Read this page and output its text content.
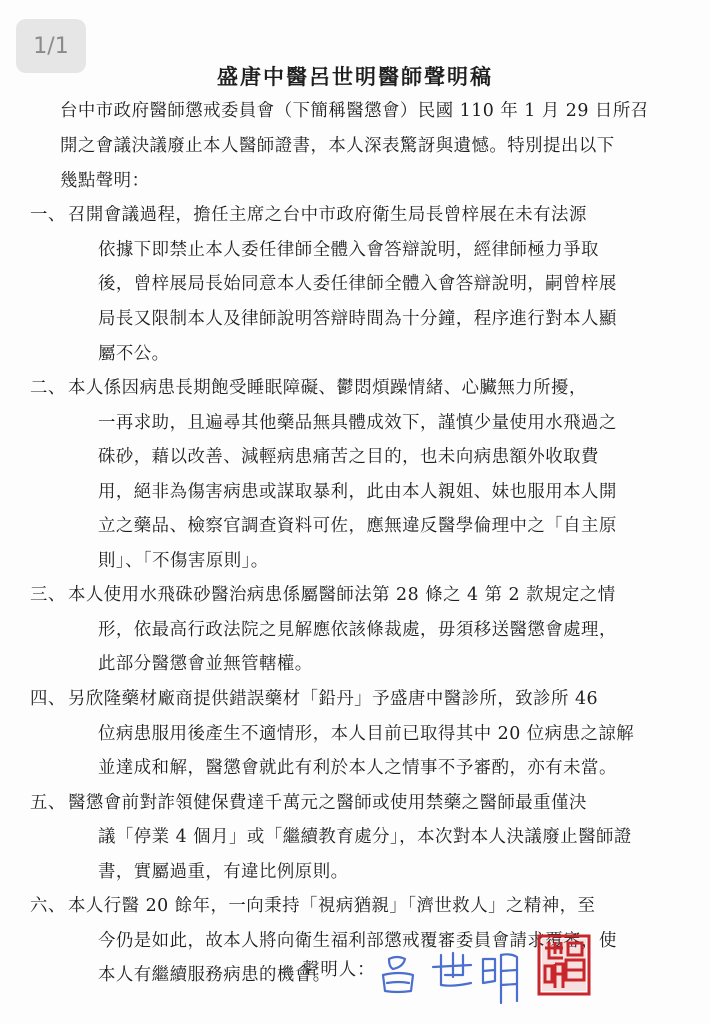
1/1
盛唐中醫呂世明醫師聲明稿
台中市政府醫師懲戒委員會（下簡稱醫懲會）民國 110 年 1 月 29 日所召
開之會議決議廢止本人醫師證書，本人深表驚訝與遺憾。特別提出以下
幾點聲明：
一、 召開會議過程，擔任主席之台中市政府衛生局長曾梓展在未有法源
依據下即禁止本人委任律師全體入會答辯說明，經律師極力爭取
後，曾梓展局長始同意本人委任律師全體入會答辯說明，嗣曾梓展
局長又限制本人及律師說明答辯時間為十分鐘，程序進行對本人顯
屬不公。
二、 本人係因病患長期飽受睡眠障礙、鬱悶煩躁情緒、心臟無力所擾，
一再求助，且遍尋其他藥品無具體成效下，謹慎少量使用水飛過之
硃砂，藉以改善、減輕病患痛苦之目的，也未向病患額外收取費
用，絕非為傷害病患或謀取暴利，此由本人親姐、妹也服用本人開
立之藥品、檢察官調查資料可佐，應無違反醫學倫理中之「自主原
則」、「不傷害原則」。
三、 本人使用水飛硃砂醫治病患係屬醫師法第 28 條之 4 第 2 款規定之情
形，依最高行政法院之見解應依該條裁處，毋須移送醫懲會處理，
此部分醫懲會並無管轄權。
四、 另欣隆藥材廠商提供錯誤藥材「鉛丹」予盛唐中醫診所，致診所 46
位病患服用後產生不適情形，本人目前已取得其中 20 位病患之諒解
並達成和解，醫懲會就此有利於本人之情事不予審酌，亦有未當。
五、 醫懲會前對詐領健保費達千萬元之醫師或使用禁藥之醫師最重僅決
議「停業 4 個月」或「繼續教育處分」，本次對本人決議廢止醫師證
書，實屬過重，有違比例原則。
六、 本人行醫 20 餘年，一向秉持「視病猶親」「濟世救人」之精神，至
今仍是如此，故本人將向衛生福利部懲戒覆審委員會請求覆審，使
本人有繼續服務病患的機會。
聲明人：
